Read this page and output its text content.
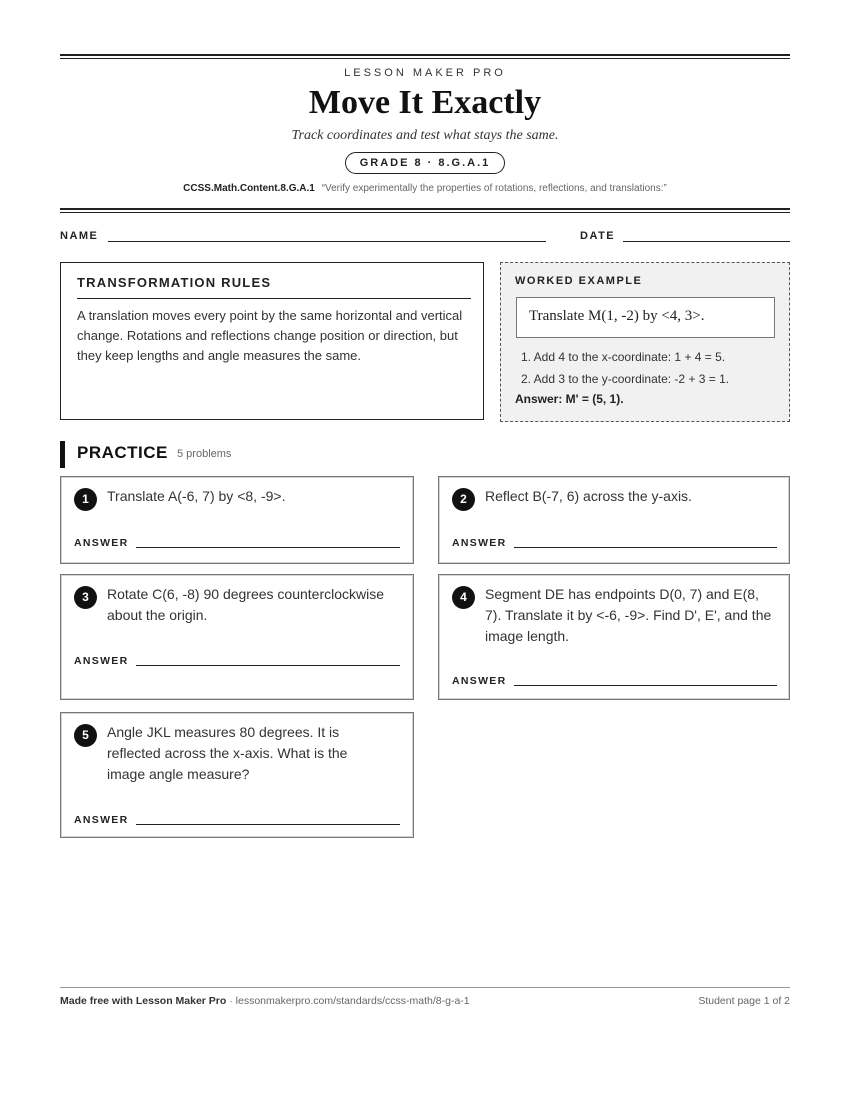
LESSON MAKER PRO
Move It Exactly
Track coordinates and test what stays the same.
GRADE 8 · 8.G.A.1
CCSS.Math.Content.8.G.A.1 “Verify experimentally the properties of rotations, reflections, and translations:”
NAME	DATE
TRANSFORMATION RULES
A translation moves every point by the same horizontal and vertical change. Rotations and reflections change position or direction, but they keep lengths and angle measures the same.
WORKED EXAMPLE
Translate M(1, -2) by <4, 3>.
1. Add 4 to the x-coordinate: 1 + 4 = 5.
2. Add 3 to the y-coordinate: -2 + 3 = 1.
Answer: M' = (5, 1).
PRACTICE 5 problems
1	Translate A(-6, 7) by <8, -9>.
ANSWER
2	Reflect B(-7, 6) across the y-axis.
ANSWER
3	Rotate C(6, -8) 90 degrees counterclockwise about the origin.
ANSWER
4	Segment DE has endpoints D(0, 7) and E(8, 7). Translate it by <-6, -9>. Find D', E', and the image length.
ANSWER
5	Angle JKL measures 80 degrees. It is reflected across the x-axis. What is the image angle measure?
ANSWER
Made free with Lesson Maker Pro · lessonmakerpro.com/standards/ccss-math/8-g-a-1	Student page 1 of 2
